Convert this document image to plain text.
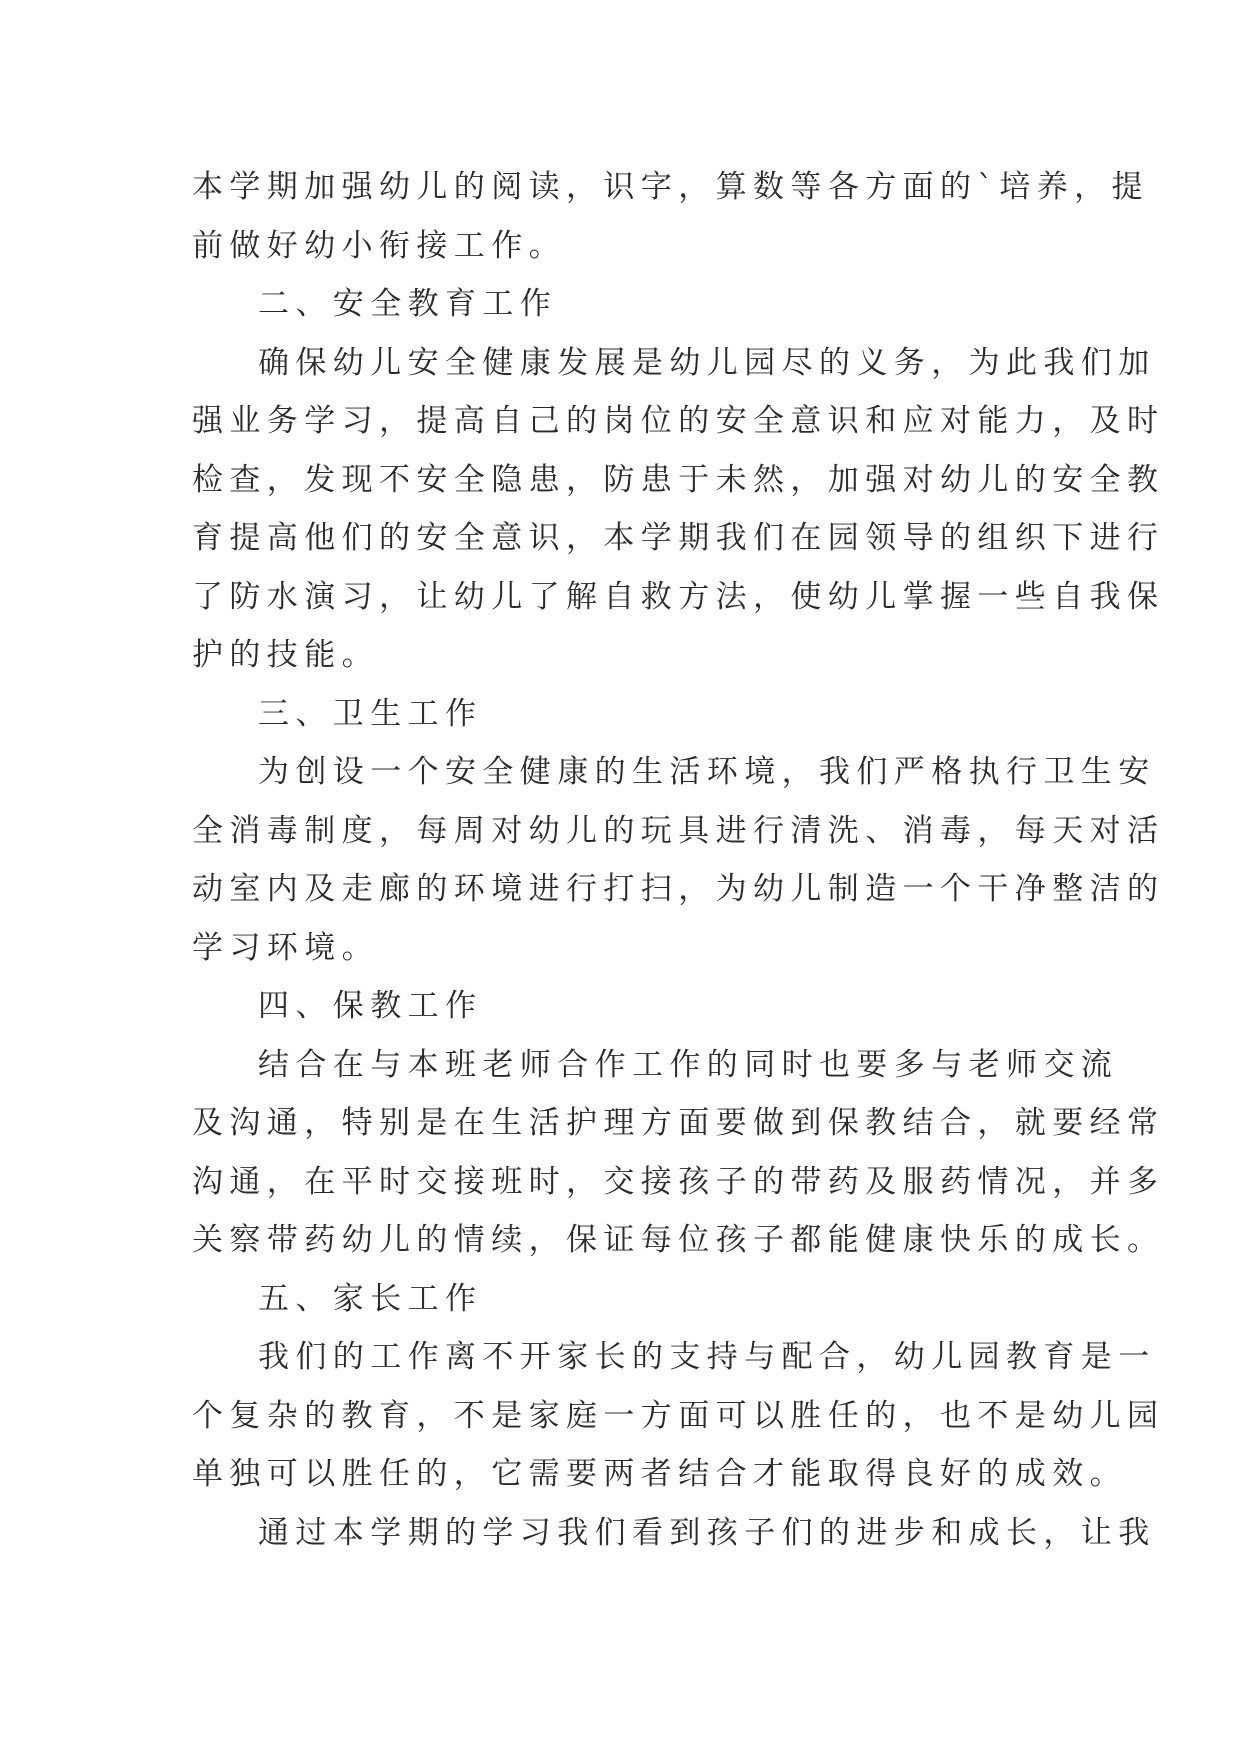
本学期加强幼儿的阅读，识字，算数等各方面的`培养，提
前做好幼小衔接工作。
二、安全教育工作
确保幼儿安全健康发展是幼儿园尽的义务，为此我们加
强业务学习，提高自己的岗位的安全意识和应对能力，及时
检查，发现不安全隐患，防患于未然，加强对幼儿的安全教
育提高他们的安全意识，本学期我们在园领导的组织下进行
了防水演习，让幼儿了解自救方法，使幼儿掌握一些自我保
护的技能。
三、卫生工作
为创设一个安全健康的生活环境，我们严格执行卫生安
全消毒制度，每周对幼儿的玩具进行清洗、消毒，每天对活
动室内及走廊的环境进行打扫，为幼儿制造一个干净整洁的
学习环境。
四、保教工作
结合在与本班老师合作工作的同时也要多与老师交流
及沟通，特别是在生活护理方面要做到保教结合，就要经常
沟通，在平时交接班时，交接孩子的带药及服药情况，并多
关察带药幼儿的情续，保证每位孩子都能健康快乐的成长。
五、家长工作
我们的工作离不开家长的支持与配合，幼儿园教育是一
个复杂的教育，不是家庭一方面可以胜任的，也不是幼儿园
单独可以胜任的，它需要两者结合才能取得良好的成效。
通过本学期的学习我们看到孩子们的进步和成长，让我
